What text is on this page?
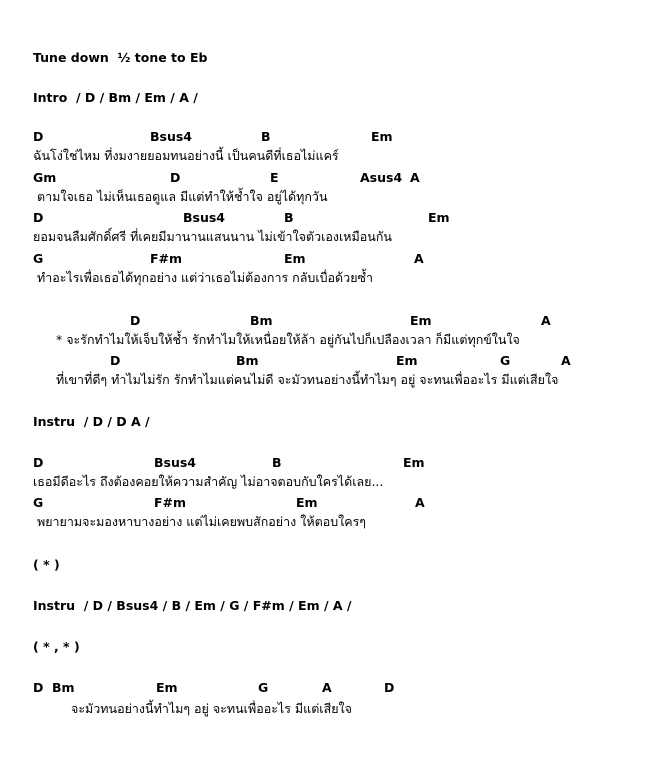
Tune down  ½ tone to Eb
Intro  / D / Bm / Em / A /
D	Bsus4	B	Em
ฉันโง่ใช่ไหม ที่งมงายยอมทนอย่างนี้ เป็นคนดีที่เธอไม่แคร์
Gm	D	E	Asus4 A
ตามใจเธอ ไม่เห็นเธอดูแล มีแต่ทำให้ช้ำใจ อยู่ได้ทุกวัน
D	Bsus4	B	Em
ยอมจนลืมศักดิ์ศรี ที่เคยมีมานานแสนนาน ไม่เข้าใจตัวเองเหมือนกัน
G	F#m	Em	A
ทำอะไรเพื่อเธอได้ทุกอย่าง แต่ว่าเธอไม่ต้องการ กลับเบื่อด้วยซ้ำ
D	Bm	Em	A
* จะรักทำไมให้เจ็บให้ช้ำ รักทำไมให้เหนื่อยให้ล้า อยู่กันไปก็เปลืองเวลา ก็มีแต่ทุกข์ในใจ
D	Bm	Em	G	A
ที่เขาที่ดีๆ ทำไมไม่รัก รักทำไมแต่คนไม่ดี จะมัวทนอย่างนี้ทำไมๆ อยู่ จะทนเพื่ออะไร มีแต่เสียใจ
Instru  / D / D A /
D	Bsus4	B	Em
เธอมีดีอะไร ถึงต้องคอยให้ความสำคัญ ไม่อาจตอบกับใครได้เลย...
G	F#m	Em	A
พยายามจะมองหาบางอย่าง แต่ไม่เคยพบสักอย่าง ให้ตอบใครๆ
( * )
Instru  / D / Bsus4 / B / Em / G / F#m / Em / A /
( * , * )
D Bm	Em	G	A	D
จะมัวทนอย่างนี้ทำไมๆ อยู่ จะทนเพื่ออะไร มีแต่เสียใจ
